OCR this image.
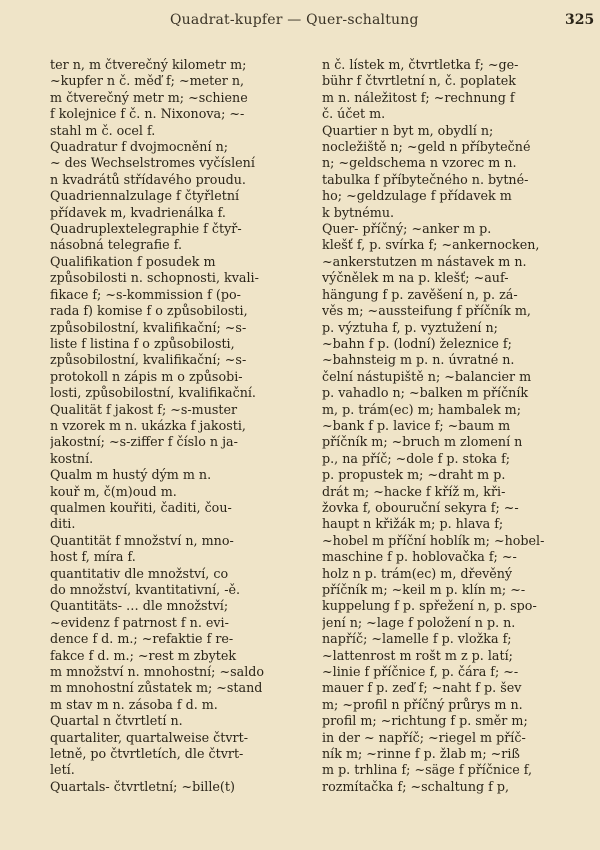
Quadrat-kupfer — Quer-schaltung	325
ter n, m čtverečný kilometr m;
~kupfer n č. měď f; ~meter n,
m čtverečný metr m; ~schiene
f kolejnice f č. n. Nixonova; ~-
stahl m č. ocel f.
Quadratur f dvojmocnění n;
~ des Wechselstromes vyčíslení
n kvadrátů střídavého proudu.
Quadriennalzulage f čtyřletní
přídavek m, kvadrienálka f.
Quadruplextelegraphie f čtyř-
násobná telegrafie f.
Qualifikation f posudek m
způsobilosti n. schopnosti, kvali-
fikace f; ~s-kommission f (po-
rada f) komise f o způsobilosti,
způsobilostní, kvalifikační; ~s-
liste f listina f o způsobilosti,
způsobilostní, kvalifikační; ~s-
protokoll n zápis m o způsobi-
losti, způsobilostní, kvalifikační.
Qualität f jakost f; ~s-muster
n vzorek m n. ukázka f jakosti,
jakostní; ~s-ziffer f číslo n ja-
kostní.
Qualm m hustý dým m n.
kouř m, č(m)oud m.
qualmen kouřiti, čaditi, čou-
diti.
Quantität f množství n, mno-
host f, míra f.
quantitativ dle množství, co
do množství, kvantitativní, -ě.
Quantitäts- … dle množství;
~evidenz f patrnost f n. evi-
dence f d. m.; ~refaktie f re-
fakce f d. m.; ~rest m zbytek
m množství n. mnohostní; ~saldo
m mnohostní zůstatek m; ~stand
m stav m n. zásoba f d. m.
Quartal n čtvrtletí n.
quartaliter, quartalweise čtvrt-
letně, po čtvrtletích, dle čtvrt-
letí.
Quartals- čtvrtletní; ~bille(t)
n č. lístek m, čtvrtletka f; ~ge-
bühr f čtvrtletní n, č. poplatek
m n. náležitost f; ~rechnung f
č. účet m.
Quartier n byt m, obydlí n;
nocležiště n; ~geld n příbytečné
n; ~geldschema n vzorec m n.
tabulka f příbytečného n. bytné-
ho; ~geldzulage f přídavek m
k bytnému.
Quer- příčný; ~anker m p.
klešť f, p. svírka f; ~ankernocken,
~ankerstutzen m nástavek m n.
výčnělek m na p. klešť; ~auf-
hängung f p. zavěšení n, p. zá-
věs m; ~aussteifung f příčník m,
p. výztuha f, p. vyztužení n;
~bahn f p. (lodní) železnice f;
~bahnsteig m p. n. úvratné n.
čelní nástupiště n; ~balancier m
p. vahadlo n; ~balken m příčník
m, p. trám(ec) m; hambalek m;
~bank f p. lavice f; ~baum m
příčník m; ~bruch m zlomení n
p., na příč; ~dole f p. stoka f;
p. propustek m; ~draht m p.
drát m; ~hacke f kříž m, kři-
žovka f, obouruční sekyra f; ~-
haupt n křižák m; p. hlava f;
~hobel m příční hoblík m; ~hobel-
maschine f p. hoblovačka f; ~-
holz n p. trám(ec) m, dřevěný
příčník m; ~keil m p. klín m; ~-
kuppelung f p. spřežení n, p. spo-
jení n; ~lage f položení n p. n.
napříč; ~lamelle f p. vložka f;
~lattenrost m rošt m z p. latí;
~linie f příčnice f, p. čára f; ~-
mauer f p. zeď f; ~naht f p. šev
m; ~profil n příčný průrys m n.
profil m; ~richtung f p. směr m;
in der ~ napříč; ~riegel m příč-
ník m; ~rinne f p. žlab m; ~riß
m p. trhlina f; ~säge f příčnice f,
rozmítačka f; ~schaltung f p,
